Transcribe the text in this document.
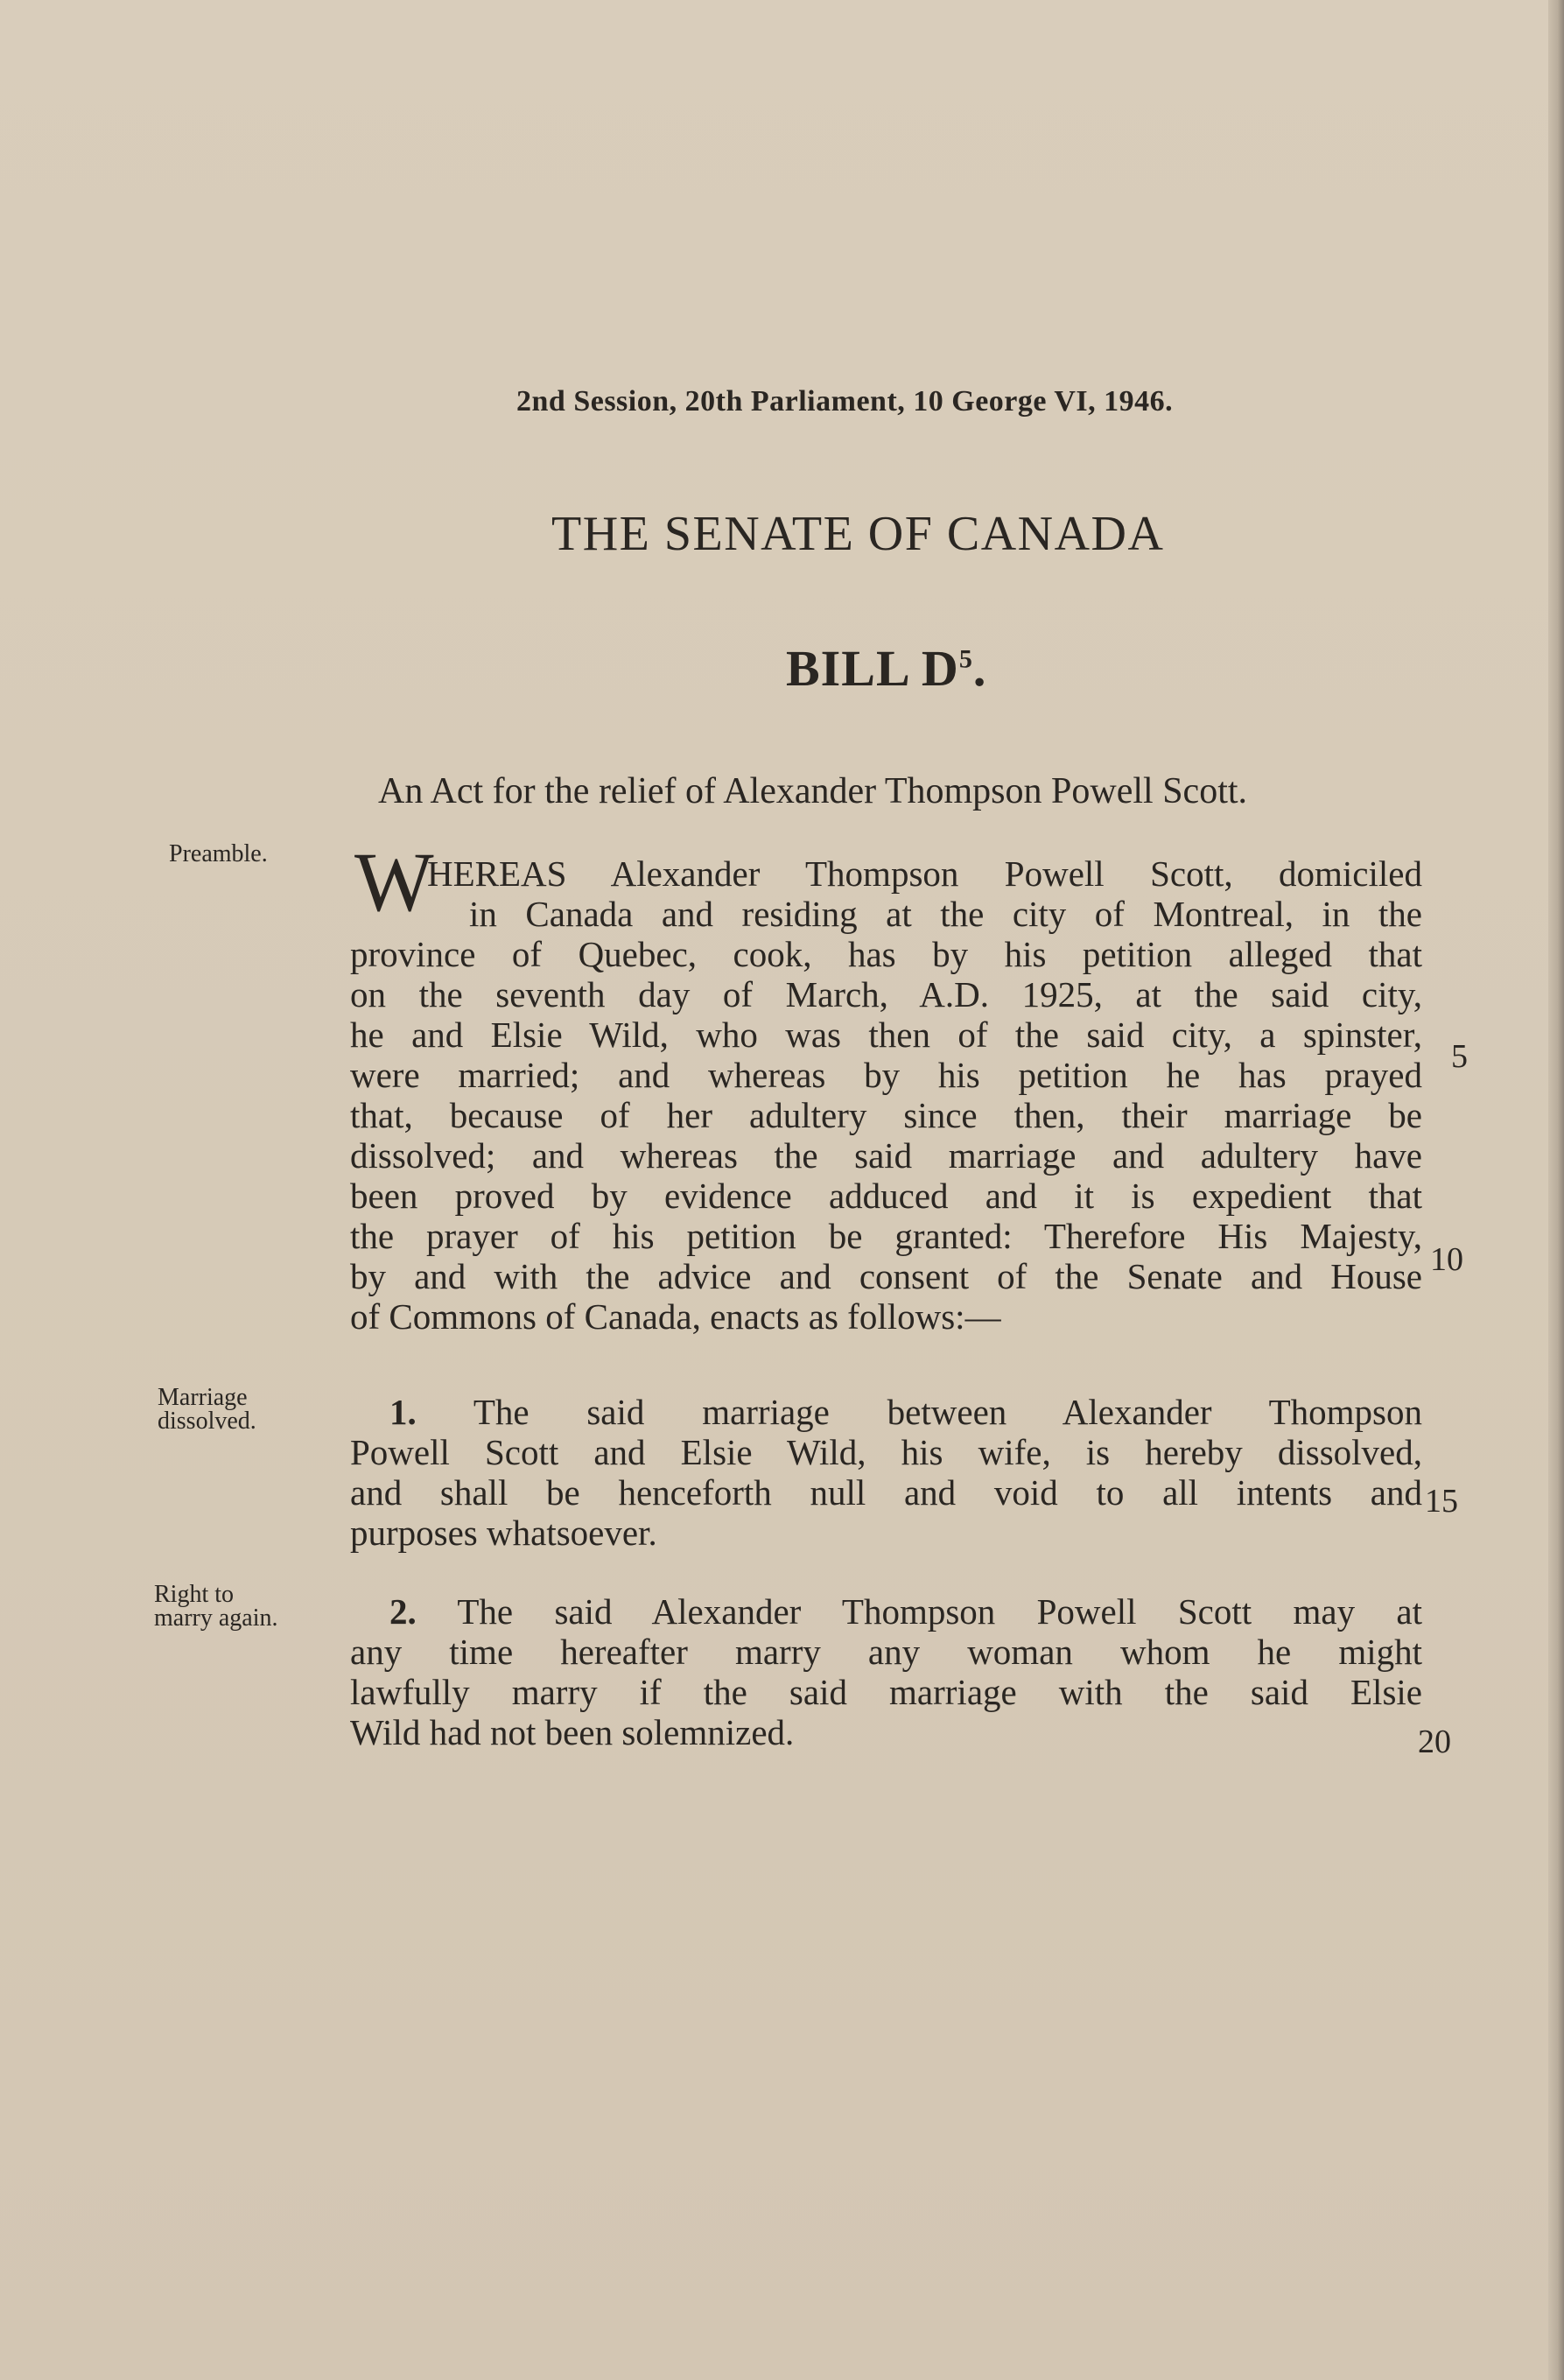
2nd Session, 20th Parliament, 10 George VI, 1946.
THE SENATE OF CANADA
BILL $D^5$.
An Act for the relief of Alexander Thompson Powell Scott.
Preamble. W
HEREAS Alexander Thompson Powell Scott, domiciled
in Canada and residing at the city of Montreal, in the
province of Quebec, cook, has by his petition alleged that
on the seventh day of March, A.D. 1925, at the said city,
he and Elsie Wild, who was then of the said city, a spinster,
were married; and whereas by his petition he has prayed
that, because of her adultery since then, their marriage be
dissolved; and whereas the said marriage and adultery have
been proved by evidence adduced and it is expedient that
the prayer of his petition be granted: Therefore His Majesty,
by and with the advice and consent of the Senate and House
of Commons of Canada, enacts as follows:—
Marriage
dissolved.	1. The said marriage between Alexander Thompson
Powell Scott and Elsie Wild, his wife, is hereby dissolved,
and shall be henceforth null and void to all intents and
purposes whatsoever.
Right to
marry again.	2. The said Alexander Thompson Powell Scott may at
any time hereafter marry any woman whom he might
lawfully marry if the said marriage with the said Elsie
Wild had not been solemnized.
5
10
15
20
